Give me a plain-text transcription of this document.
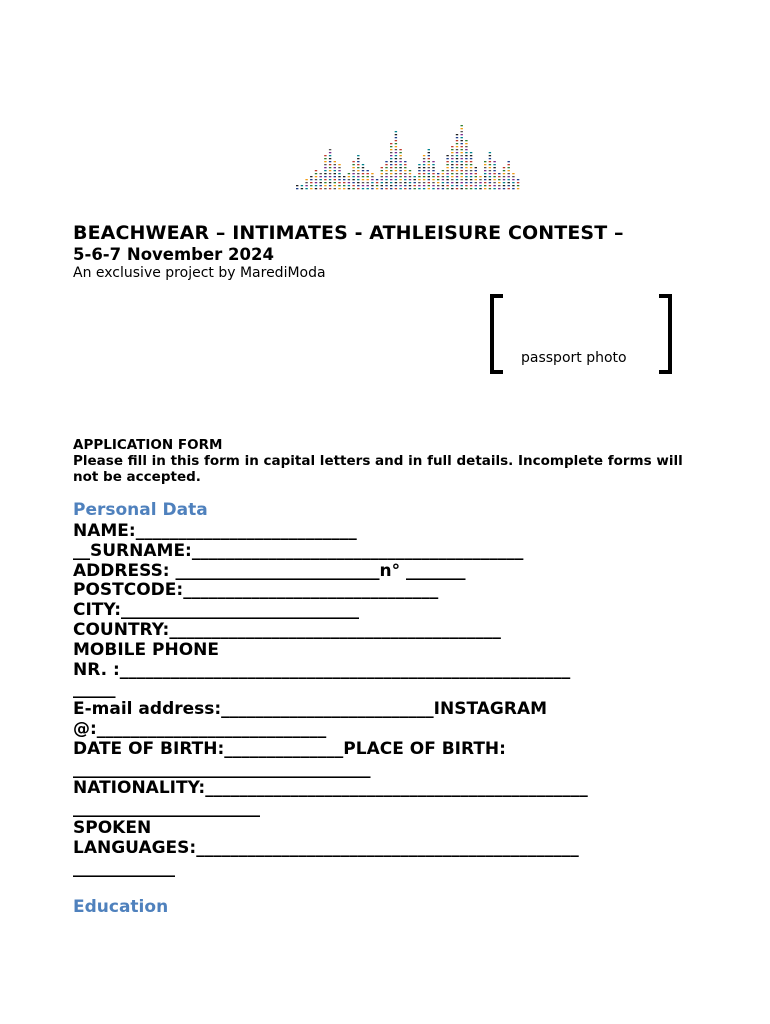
BEACHWEAR – INTIMATES - ATHLEISURE CONTEST –
5-6-7 November 2024
An exclusive project by MarediModa
passport photo
APPLICATION FORM
Please fill in this form in capital letters and in full details. Incomplete forms will not be accepted.
Personal Data
NAME:__________________________
__SURNAME:_______________________________________
ADDRESS: ________________________n° _______
POSTCODE:______________________________
CITY:____________________________
COUNTRY:_______________________________________
MOBILE PHONE
NR. :_____________________________________________________
_____
E-mail address:_________________________INSTAGRAM
@:___________________________
DATE OF BIRTH:______________PLACE OF BIRTH:
___________________________________
NATIONALITY:_____________________________________________
______________________
SPOKEN
LANGUAGES:_____________________________________________
____________
Education
